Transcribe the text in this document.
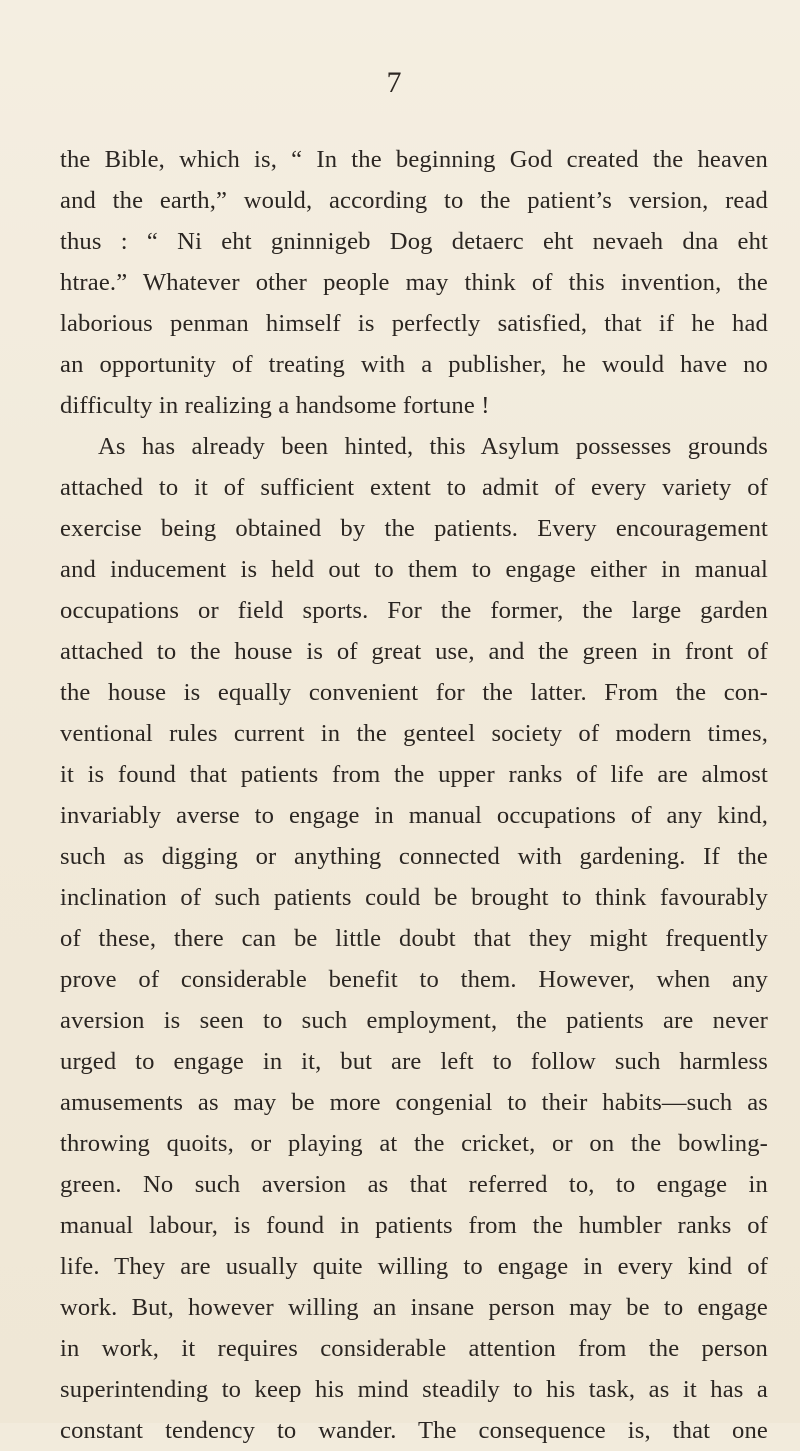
7
the Bible, which is, “ In the beginning God created the heaven
and the earth,” would, according to the patient’s version, read
thus : “ Ni eht gninnigeb Dog detaerc eht nevaeh dna eht
htrae.” Whatever other people may think of this invention, the
laborious penman himself is perfectly satisfied, that if he had
an opportunity of treating with a publisher, he would have no
difficulty in realizing a handsome fortune !
As has already been hinted, this Asylum possesses grounds
attached to it of sufficient extent to admit of every variety of
exercise being obtained by the patients. Every encouragement
and inducement is held out to them to engage either in manual
occupations or field sports. For the former, the large garden
attached to the house is of great use, and the green in front of
the house is equally convenient for the latter. From the con-
ventional rules current in the genteel society of modern times,
it is found that patients from the upper ranks of life are almost
invariably averse to engage in manual occupations of any kind,
such as digging or anything connected with gardening. If the
inclination of such patients could be brought to think favourably
of these, there can be little doubt that they might frequently
prove of considerable benefit to them. However, when any
aversion is seen to such employment, the patients are never
urged to engage in it, but are left to follow such harmless
amusements as may be more congenial to their habits—such as
throwing quoits, or playing at the cricket, or on the bowling-
green. No such aversion as that referred to, to engage in
manual labour, is found in patients from the humbler ranks of
life. They are usually quite willing to engage in every kind of
work. But, however willing an insane person may be to engage
in work, it requires considerable attention from the person
superintending to keep his mind steadily to his task, as it has a
constant tendency to wander. The consequence is, that one
